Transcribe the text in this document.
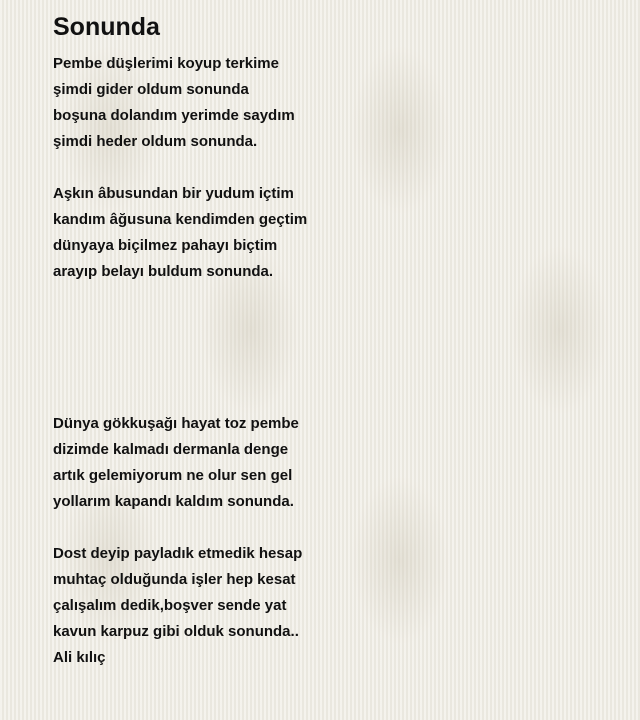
Sonunda
Pembe düşlerimi koyup terkime
şimdi gider oldum sonunda
boşuna dolandım yerimde saydım
şimdi heder oldum sonunda.
Aşkın âbusundan bir yudum içtim
kandım âğusuna kendimden geçtim
dünyaya biçilmez pahayı biçtim
arayıp belayı buldum sonunda.
Dünya gökkuşağı hayat toz pembe
dizimde kalmadı dermanla denge
artık gelemiyorum ne olur sen gel
yollarım kapandı kaldım sonunda.
Dost deyip payladık etmedik hesap
muhtaç olduğunda işler hep kesat
çalışalım dedik,boşver sende yat
kavun karpuz gibi olduk sonunda..
Ali kılıç
